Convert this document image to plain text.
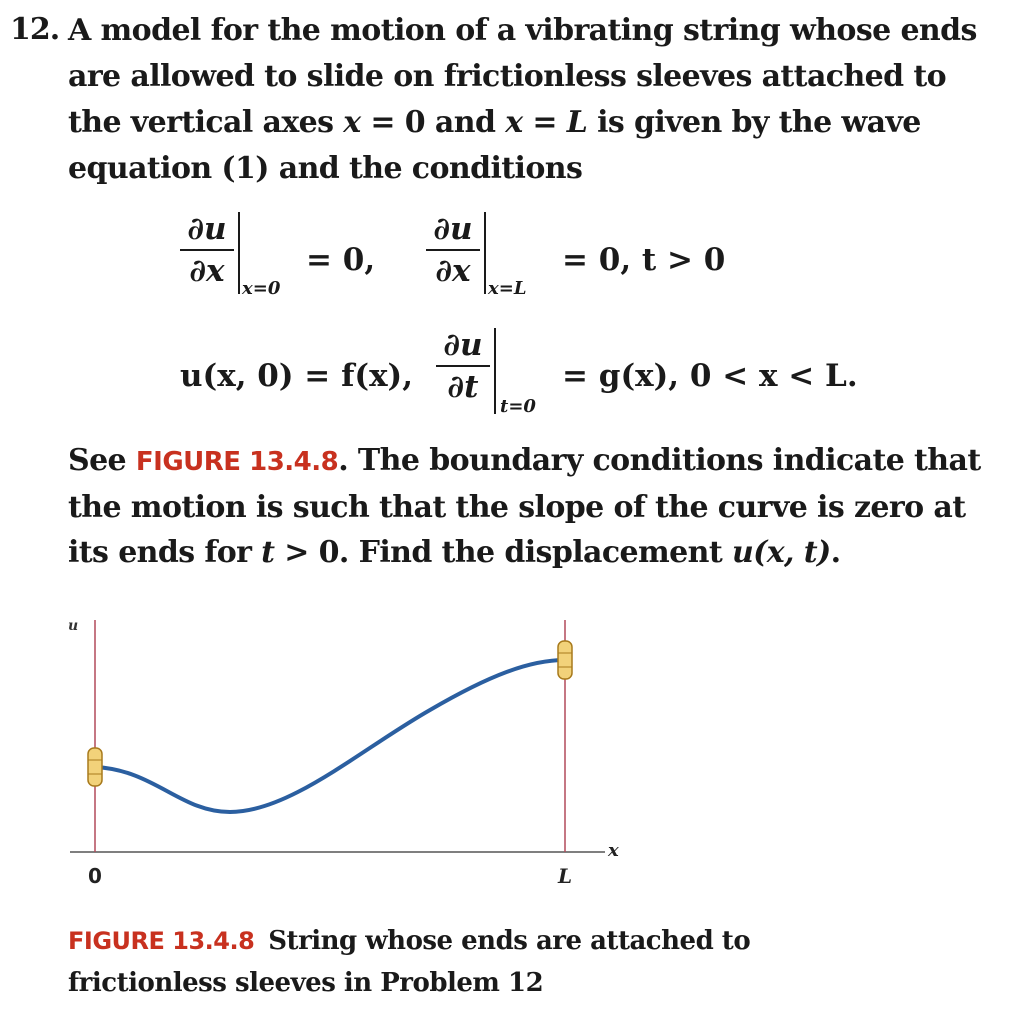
12. A model for the motion of a vibrating string whose ends are allowed to slide on frictionless sleeves attached to the vertical axes x = 0 and x = L is given by the wave equation (1) and the conditions

∂u
∂x x=0
= 0,
∂u
∂x x=L
= 0, t > 0
u(x, 0) = f(x),
∂u
∂t
t=0
= g(x), 0 < x < L.

See FIGURE 13.4.8. The boundary conditions indicate that the motion is such that the slope of the curve is zero at its ends for t > 0. Find the displacement u(x, t).

u
x
0	L
FIGURE 13.4.8 String whose ends are attached to frictionless sleeves in Problem 12
